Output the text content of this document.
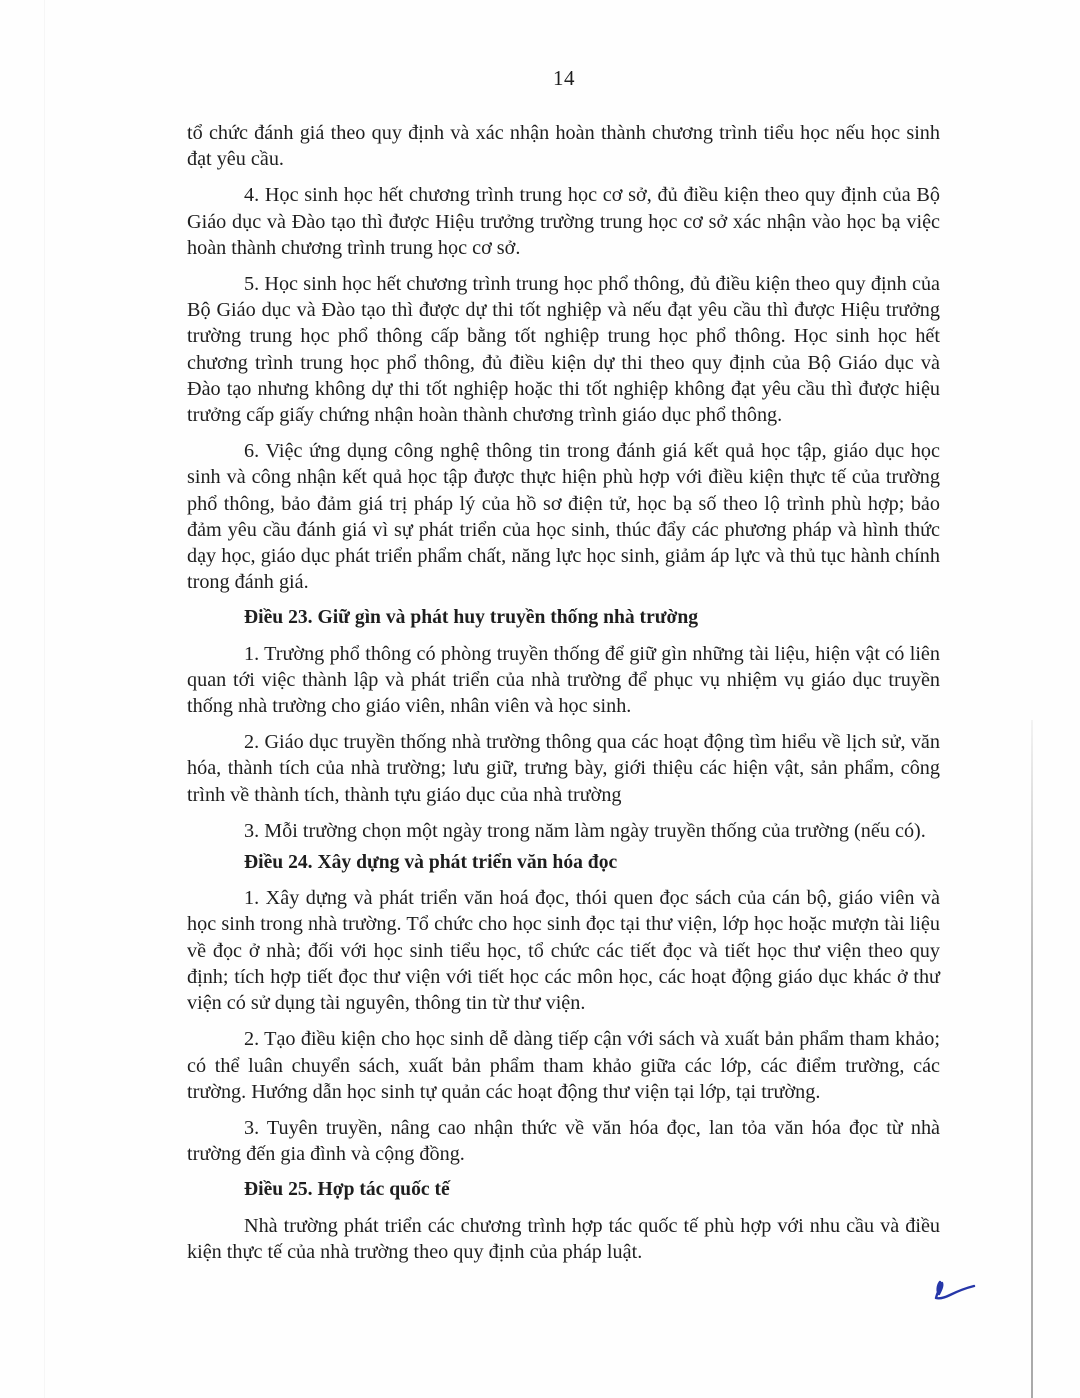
14

tổ chức đánh giá theo quy định và xác nhận hoàn thành chương trình tiểu học nếu học sinh đạt yêu cầu.

4. Học sinh học hết chương trình trung học cơ sở, đủ điều kiện theo quy định của Bộ Giáo dục và Đào tạo thì được Hiệu trưởng trường trung học cơ sở xác nhận vào học bạ việc hoàn thành chương trình trung học cơ sở.

5. Học sinh học hết chương trình trung học phổ thông, đủ điều kiện theo quy định của Bộ Giáo dục và Đào tạo thì được dự thi tốt nghiệp và nếu đạt yêu cầu thì được Hiệu trưởng trường trung học phổ thông cấp bằng tốt nghiệp trung học phổ thông. Học sinh học hết chương trình trung học phổ thông, đủ điều kiện dự thi theo quy định của Bộ Giáo dục và Đào tạo nhưng không dự thi tốt nghiệp hoặc thi tốt nghiệp không đạt yêu cầu thì được hiệu trưởng cấp giấy chứng nhận hoàn thành chương trình giáo dục phổ thông.

6. Việc ứng dụng công nghệ thông tin trong đánh giá kết quả học tập, giáo dục học sinh và công nhận kết quả học tập được thực hiện phù hợp với điều kiện thực tế của trường phổ thông, bảo đảm giá trị pháp lý của hồ sơ điện tử, học bạ số theo lộ trình phù hợp; bảo đảm yêu cầu đánh giá vì sự phát triển của học sinh, thúc đẩy các phương pháp và hình thức dạy học, giáo dục phát triển phẩm chất, năng lực học sinh, giảm áp lực và thủ tục hành chính trong đánh giá.

Điều 23. Giữ gìn và phát huy truyền thống nhà trường

1. Trường phổ thông có phòng truyền thống để giữ gìn những tài liệu, hiện vật có liên quan tới việc thành lập và phát triển của nhà trường để phục vụ nhiệm vụ giáo dục truyền thống nhà trường cho giáo viên, nhân viên và học sinh.

2. Giáo dục truyền thống nhà trường thông qua các hoạt động tìm hiểu về lịch sử, văn hóa, thành tích của nhà trường; lưu giữ, trưng bày, giới thiệu các hiện vật, sản phẩm, công trình về thành tích, thành tựu giáo dục của nhà trường

3. Mỗi trường chọn một ngày trong năm làm ngày truyền thống của trường (nếu có).

Điều 24. Xây dựng và phát triển văn hóa đọc

1. Xây dựng và phát triển văn hoá đọc, thói quen đọc sách của cán bộ, giáo viên và học sinh trong nhà trường. Tổ chức cho học sinh đọc tại thư viện, lớp học hoặc mượn tài liệu về đọc ở nhà; đối với học sinh tiểu học, tổ chức các tiết đọc và tiết học thư viện theo quy định; tích hợp tiết đọc thư viện với tiết học các môn học, các hoạt động giáo dục khác ở thư viện có sử dụng tài nguyên, thông tin từ thư viện.

2. Tạo điều kiện cho học sinh dễ dàng tiếp cận với sách và xuất bản phẩm tham khảo; có thể luân chuyển sách, xuất bản phẩm tham khảo giữa các lớp, các điểm trường, các trường. Hướng dẫn học sinh tự quản các hoạt động thư viện tại lớp, tại trường.

3. Tuyên truyền, nâng cao nhận thức về văn hóa đọc, lan tỏa văn hóa đọc từ nhà trường đến gia đình và cộng đồng.

Điều 25. Hợp tác quốc tế

Nhà trường phát triển các chương trình hợp tác quốc tế phù hợp với nhu cầu và điều kiện thực tế của nhà trường theo quy định của pháp luật.
